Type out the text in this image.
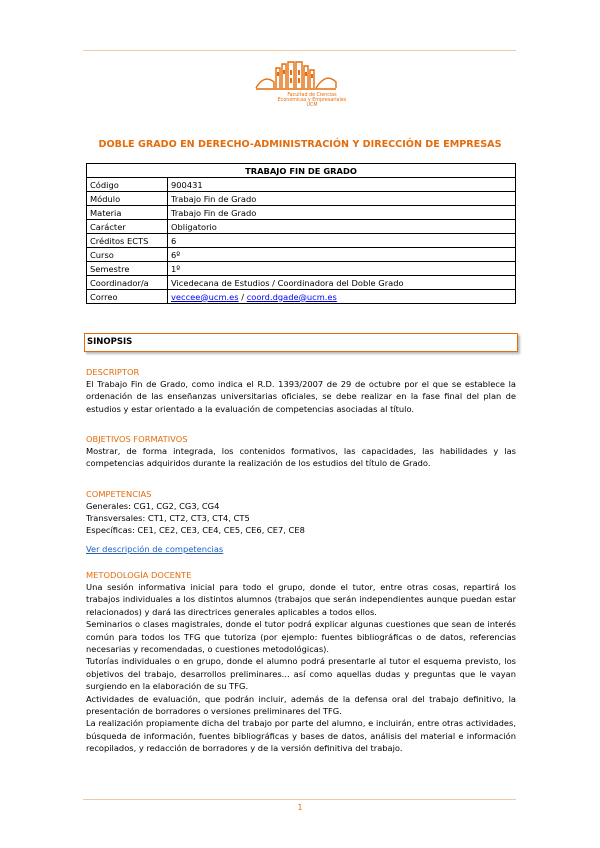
Facultad de Ciencias
Económicas y Empresariales
UCM
DOBLE GRADO EN DERECHO-ADMINISTRACIÓN Y DIRECCIÓN DE EMPRESAS
TRABAJO FIN DE GRADO	
Código	900431
Módulo	Trabajo Fin de Grado
Materia	Trabajo Fin de Grado
Carácter	Obligatorio
Créditos ECTS	6
Curso	6º
Semestre	1º
Coordinador/a	Vicedecana de Estudios / Coordinadora del Doble Grado
Correo	veccee@ucm.es / coord.dgade@ucm.es
SINOPSIS
DESCRIPTOR

El Trabajo Fin de Grado, como indica el R.D. 1393/2007 de 29 de octubre por el que se establece la ordenación de las enseñanzas universitarias oficiales, se debe realizar en la fase final del plan de estudios y estar orientado a la evaluación de competencias asociadas al título.

OBJETIVOS FORMATIVOS

Mostrar, de forma integrada, los contenidos formativos, las capacidades, las habilidades y las competencias adquiridos durante la realización de los estudios del título de Grado.

COMPETENCIAS

Generales: CG1, CG2, CG3, CG4

Transversales: CT1, CT2, CT3, CT4, CT5

Específicas: CE1, CE2, CE3, CE4, CE5, CE6, CE7, CE8

Ver descripción de competencias
METODOLOGÍA DOCENTE

Una sesión informativa inicial para todo el grupo, donde el tutor, entre otras cosas, repartirá los trabajos individuales a los distintos alumnos (trabajos que serán independientes aunque puedan estar relacionados) y dará las directrices generales aplicables a todos ellos.

Seminarios o clases magistrales, donde el tutor podrá explicar algunas cuestiones que sean de interés común para todos los TFG que tutoriza (por ejemplo: fuentes bibliográficas o de datos, referencias necesarias y recomendadas, o cuestiones metodológicas).

Tutorías individuales o en grupo, donde el alumno podrá presentarle al tutor el esquema previsto, los objetivos del trabajo, desarrollos preliminares... así como aquellas dudas y preguntas que le vayan surgiendo en la elaboración de su TFG.

Actividades de evaluación, que podrán incluir, además de la defensa oral del trabajo definitivo, la presentación de borradores o versiones preliminares del TFG.

La realización propiamente dicha del trabajo por parte del alumno, e incluirán, entre otras actividades, búsqueda de información, fuentes bibliográficas y bases de datos, análisis del material e información recopilados, y redacción de borradores y de la versión definitiva del trabajo.

1
